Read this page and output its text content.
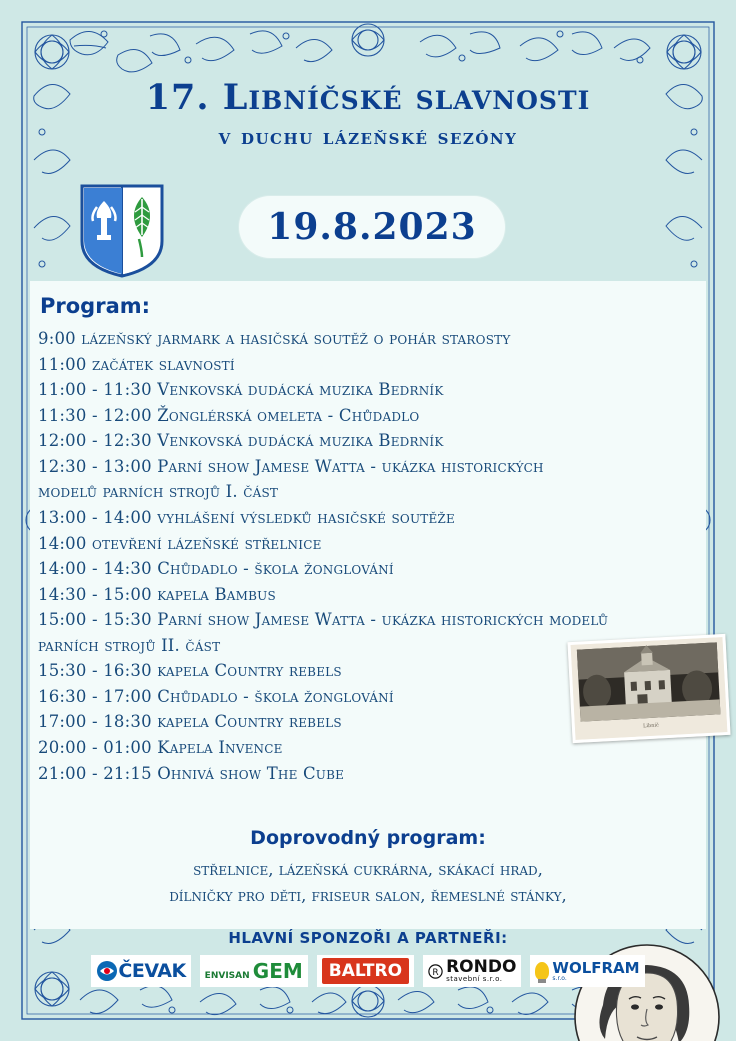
17. Libníčské slavnosti
v duchu lázeňské sezóny
19.8.2023
Program:
9:00 lázeňský jarmark a hasičská soutěž o pohár starosty
11:00 začátek slavností
11:00 - 11:30 Venkovská dudácká muzika Bedrník
11:30 - 12:00 Žonglérská omeleta - Chůdadlo
12:00 - 12:30 Venkovská dudácká muzika Bedrník
12:30 - 13:00 Parní show Jamese Watta - ukázka historických
modelů parních strojů I. část
13:00 - 14:00 vyhlášení výsledků hasičské soutěže
14:00 otevření lázeňské střelnice
14:00 - 14:30 Chůdadlo - škola žonglování
14:30 - 15:00 kapela Bambus
15:00 - 15:30 Parní show Jamese Watta - ukázka historických modelů
parních strojů II. část
15:30 - 16:30 kapela Country rebels
16:30 - 17:00 Chůdadlo - škola žonglování
17:00 - 18:30 kapela Country rebels
20:00 - 01:00 Kapela Invence
21:00 - 21:15 Ohnivá show The Cube
Doprovodný program:
střelnice, lázeňská cukrárna, skákací hrad,
dílničky pro děti, friseur salon, řemeslné stánky,
Libníč
HLAVNÍ SPONZOŘI A PARTNEŘI:
ČEVAK ENVISAN GEM	BALTRO	R RONDO
stavební s.r.o.
WOLFRAM
s.r.o.
